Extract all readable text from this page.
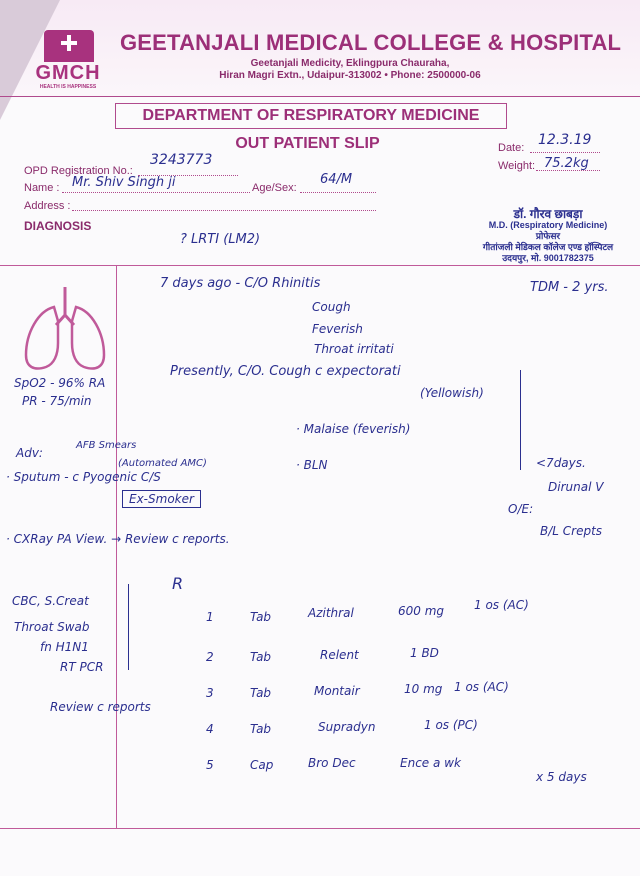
GMCH
HEALTH IS HAPPINESS
GEETANJALI MEDICAL COLLEGE & HOSPITAL
Geetanjali Medicity, Eklingpura Chauraha,
Hiran Magri Extn., Udaipur-313002 • Phone: 2500000-06
DEPARTMENT OF RESPIRATORY MEDICINE
OUT PATIENT SLIP	Date: 12.3.19
Weight: 75.2kg
OPD Registration No.:
3243773
Name : Mr. Shiv Singh ji	Age/Sex:
64/M
Address :
DIAGNOSIS
? LRTI (LM2)
डॉ. गौरव छाबड़ा
M.D. (Respiratory Medicine)
प्रोफेसर
गीतांजली मेडिकल कॉलेज एण्ड हॉस्पिटल
उदयपुर, मो. 9001782375
TDM - 2 yrs.
7 days ago - C/O Rhinitis
Cough
Feverish
Throat irritati
Presently, C/O. Cough c expectorati
(Yellowish)
· Malaise (feverish)
· BLN	<7days.
Dirunal V
O/E:
B/L Crepts
SpO2 - 96% RA
PR - 75/min
Adv:
AFB Smears
· Sputum - c Pyogenic C/S
(Automated AMC)
Ex-Smoker
· CXRay PA View. → Review c reports.
CBC, S.Creat
Throat Swab
fn H1N1
RT PCR
Review c reports
R
1	Tab	Azithral	600 mg 1 os (AC)
2	Tab	Relent	1 BD
3	Tab	Montair	10 mg 1 os (AC)
4	Tab	Supradyn	1 os (PC)
5	Cap	Bro Dec	Ence a wk
x 5 days
